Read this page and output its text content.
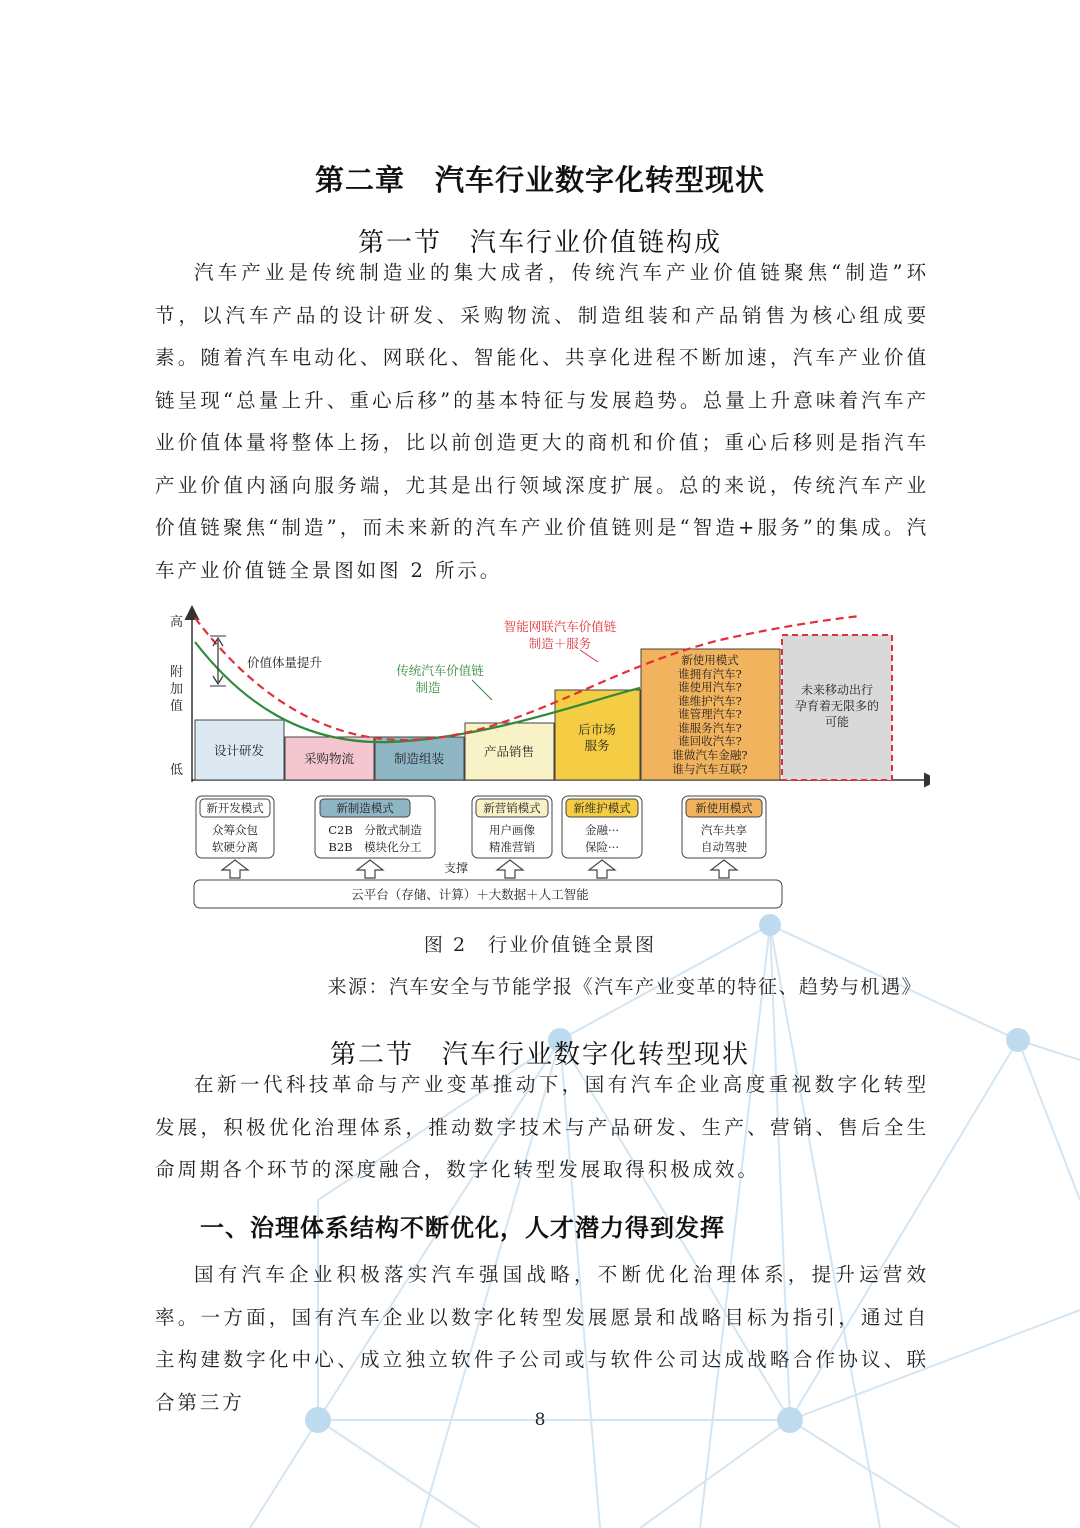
第二章　汽车行业数字化转型现状
第一节　汽车行业价值链构成

汽车产业是传统制造业的集大成者，传统汽车产业价值链聚焦“制造”环节，以汽车产品的设计研发、采购物流、制造组装和产品销售为核心组成要素。随着汽车电动化、网联化、智能化、共享化进程不断加速，汽车产业价值链呈现“总量上升、重心后移”的基本特征与发展趋势。总量上升意味着汽车产业价值体量将整体上扬，比以前创造更大的商机和价值；重心后移则是指汽车产业价值内涵向服务端，尤其是出行领域深度扩展。总的来说，传统汽车产业价值链聚焦“制造”，而未来新的汽车产业价值链则是“智造+服务”的集成。汽车产业价值链全景图如图 2 所示。

高
低
附加值
设计研发
采购物流	制造组装	产品销售
后市场
服务
新使用模式
谁拥有汽车?
谁使用汽车?
谁维护汽车?
谁管理汽车?
谁服务汽车?
谁回收汽车?
谁做汽车金融?
谁与汽车互联?
未来移动出行
孕育着无限多的
可能
价值体量提升
智能网联汽车价值链
制造＋服务
传统汽车价值链
制造
新开发模式
众筹众包
软硬分离
新制造模式
C2B　分散式制造
B2B　模块化分工
新营销模式
用户画像
精准营销
新维护模式
金融···
保险···
新使用模式
汽车共享
自动驾驶
支撑
云平台（存储、计算）＋大数据＋人工智能
图 2　行业价值链全景图
来源：汽车安全与节能学报《汽车产业变革的特征、趋势与机遇》
第二节　汽车行业数字化转型现状

在新一代科技革命与产业变革推动下，国有汽车企业高度重视数字化转型发展，积极优化治理体系，推动数字技术与产品研发、生产、营销、售后全生命周期各个环节的深度融合，数字化转型发展取得积极成效。

一、治理体系结构不断优化，人才潜力得到发挥

国有汽车企业积极落实汽车强国战略，不断优化治理体系，提升运营效率。一方面，国有汽车企业以数字化转型发展愿景和战略目标为指引，通过自主构建数字化中心、成立独立软件子公司或与软件公司达成战略合作协议、联合第三方

8
